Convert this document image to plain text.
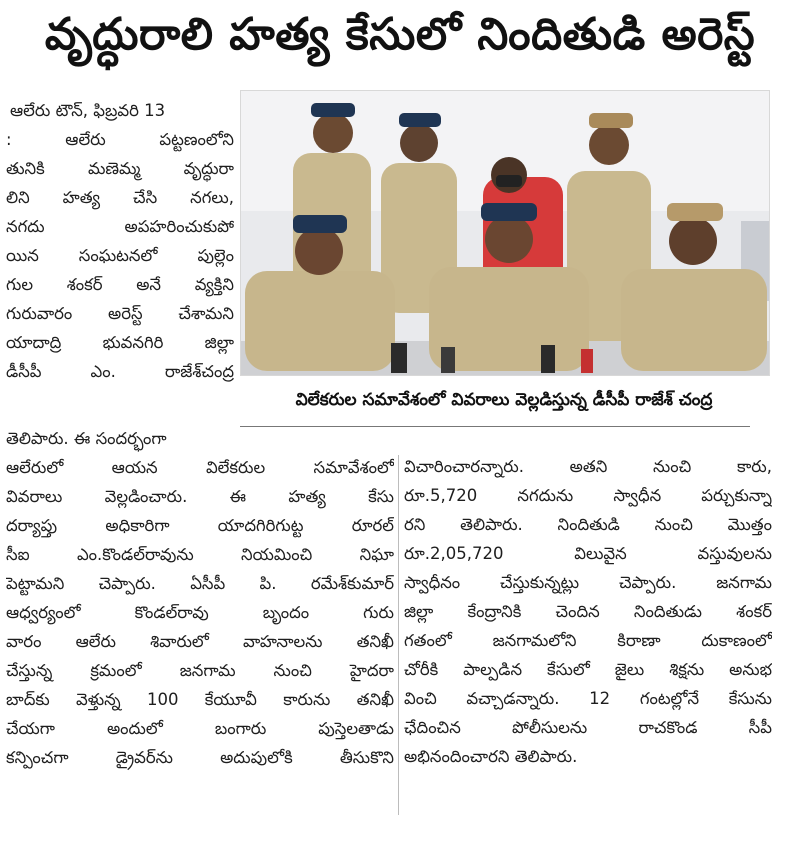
వృద్ధురాలి హత్య కేసులో నిందితుడి అరెస్ట్
ఆలేరు టౌన్, ఫిబ్రవరి 13
: ఆలేరు పట్టణంలోని
తునికి మణెమ్మ వృద్ధురా
లిని హత్య చేసి నగలు,
నగదు అపహరించుకుపో
యిన సంఘటనలో పుల్లెం
గుల శంకర్ అనే వ్యక్తిని
గురువారం అరెస్ట్ చేశామని
యాదాద్రి భువనగిరి జిల్లా
డీసీపీ ఎం. రాజేశ్‌చంద్ర
విలేకరుల సమావేశంలో వివరాలు వెల్లడిస్తున్న డీసీపీ రాజేశ్ చంద్ర
తెలిపారు. ఈ సందర్భంగా
ఆలేరులో ఆయన విలేకరుల సమావేశంలో
వివరాలు వెల్లడించారు. ఈ హత్య కేసు
దర్యాప్తు అధికారిగా యాదగిరిగుట్ట రూరల్
సీఐ ఎం.కొండల్‌రావును నియమించి నిఘా
పెట్టామని చెప్పారు. ఏసీపీ పి. రమేశ్‌కుమార్
ఆధ్వర్యంలో కొండల్‌రావు బృందం గురు
వారం ఆలేరు శివారులో వాహనాలను తనిఖీ
చేస్తున్న క్రమంలో జనగామ నుంచి హైదరా
బాద్‌కు వెళ్తున్న 100 కేయూవీ కారును తనిఖీ
చేయగా అందులో బంగారు పుస్తెలతాడు
కన్పించగా డ్రైవర్‌ను అదుపులోకి తీసుకొని
విచారించారన్నారు. అతని నుంచి కారు,
రూ.5,720 నగదును స్వాధీన పర్చుకున్నా
రని తెలిపారు. నిందితుడి నుంచి మొత్తం
రూ.2,05,720 విలువైన వస్తువులను
స్వాధీనం చేస్తుకున్నట్లు చెప్పారు. జనగామ
జిల్లా కేంద్రానికి చెందిన నిందితుడు శంకర్
గతంలో జనగామలోని కిరాణా దుకాణంలో
చోరీకి పాల్పడిన కేసులో జైలు శిక్షను అనుభ
వించి వచ్చాడన్నారు. 12 గంటల్లోనే కేసును
ఛేదించిన పోలీసులను రాచకొండ సీపీ
అభినందించారని తెలిపారు.
